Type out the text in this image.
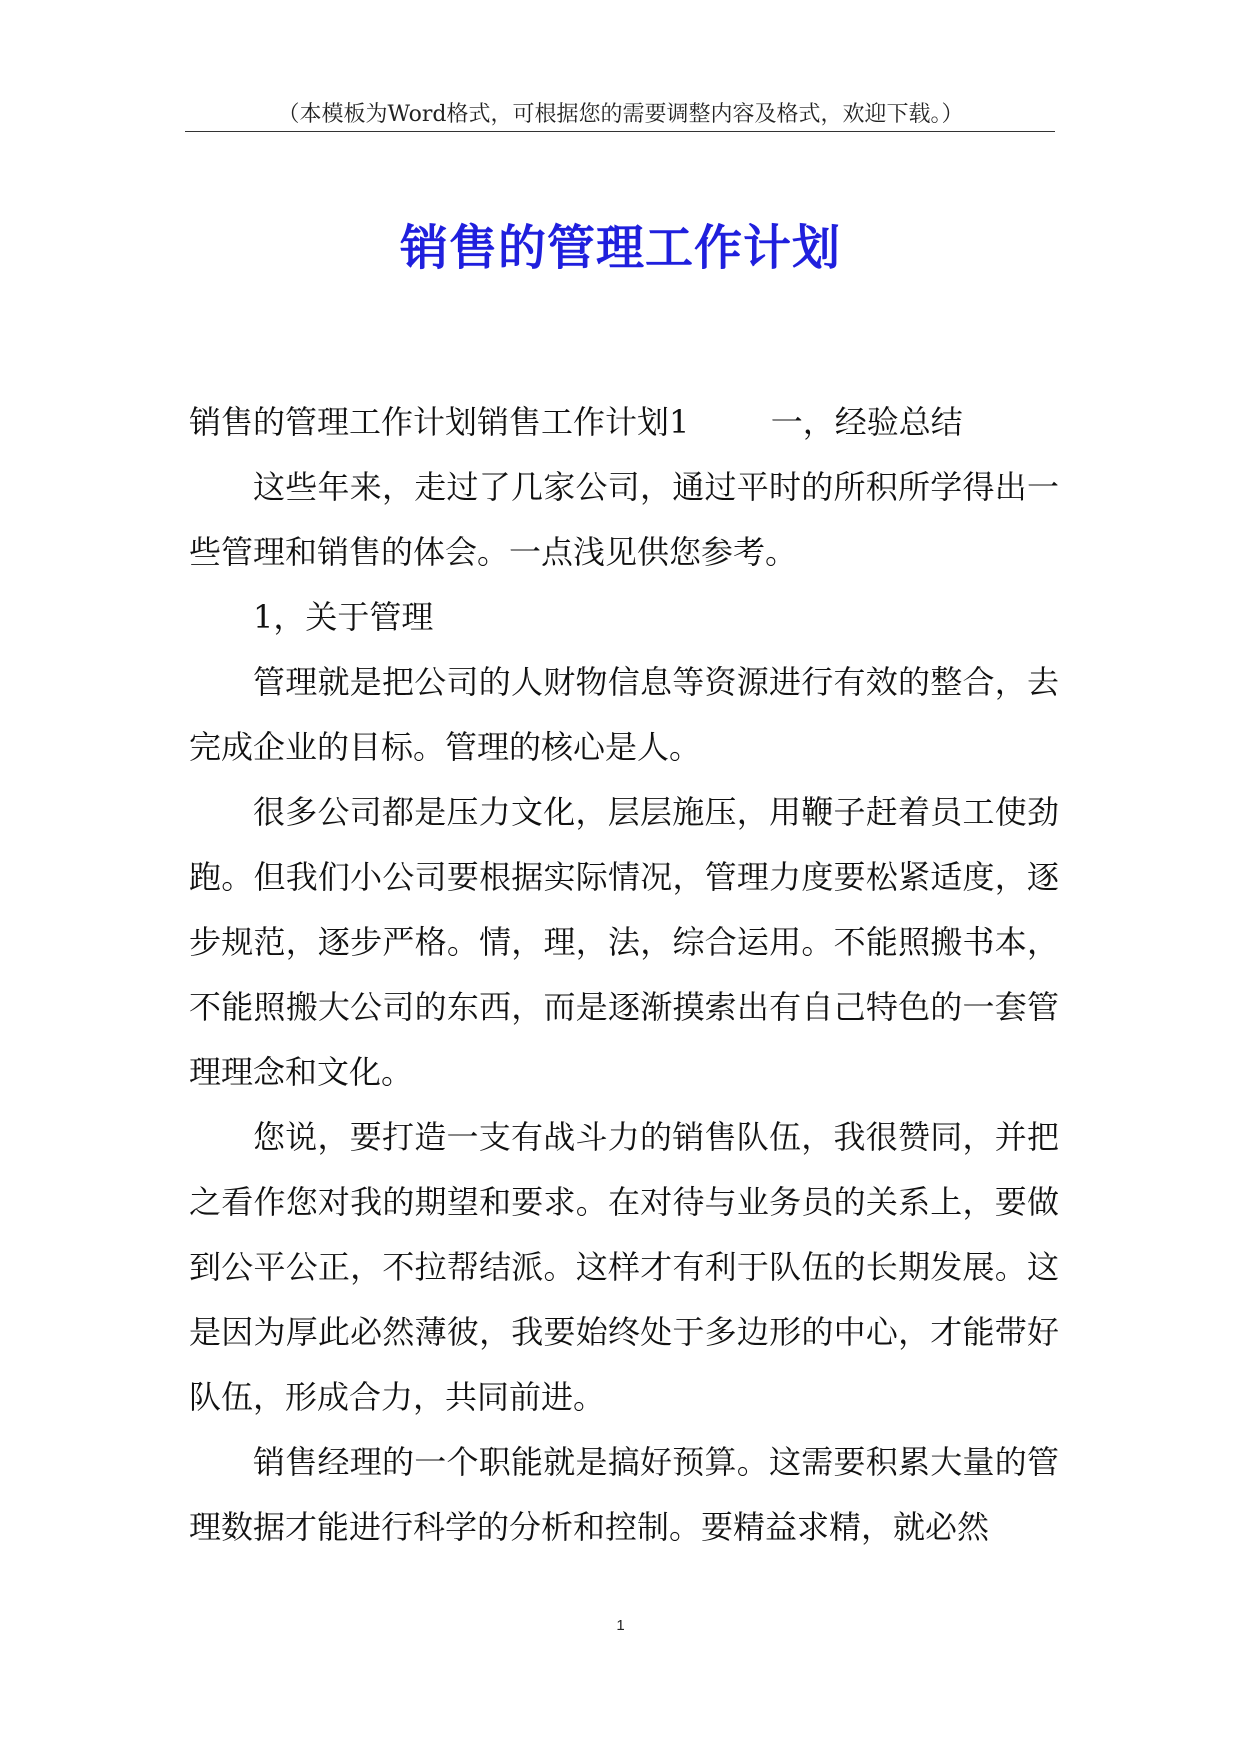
（本模板为Word格式，可根据您的需要调整内容及格式，欢迎下载。）
销售的管理工作计划

销售的管理工作计划销售工作计划1	一，经验总结

这些年来，走过了几家公司，通过平时的所积所学得出一些管理和销售的体会。一点浅见供您参考。

1，关于管理

管理就是把公司的人财物信息等资源进行有效的整合，去完成企业的目标。管理的核心是人。

很多公司都是压力文化，层层施压，用鞭子赶着员工使劲跑。但我们小公司要根据实际情况，管理力度要松紧适度，逐步规范，逐步严格。情，理，法，综合运用。不能照搬书本，不能照搬大公司的东西，而是逐渐摸索出有自己特色的一套管理理念和文化。

您说，要打造一支有战斗力的销售队伍，我很赞同，并把之看作您对我的期望和要求。在对待与业务员的关系上，要做到公平公正，不拉帮结派。这样才有利于队伍的长期发展。这是因为厚此必然薄彼，我要始终处于多边形的中心，才能带好队伍，形成合力，共同前进。

销售经理的一个职能就是搞好预算。这需要积累大量的管理数据才能进行科学的分析和控制。要精益求精，就必然

1
